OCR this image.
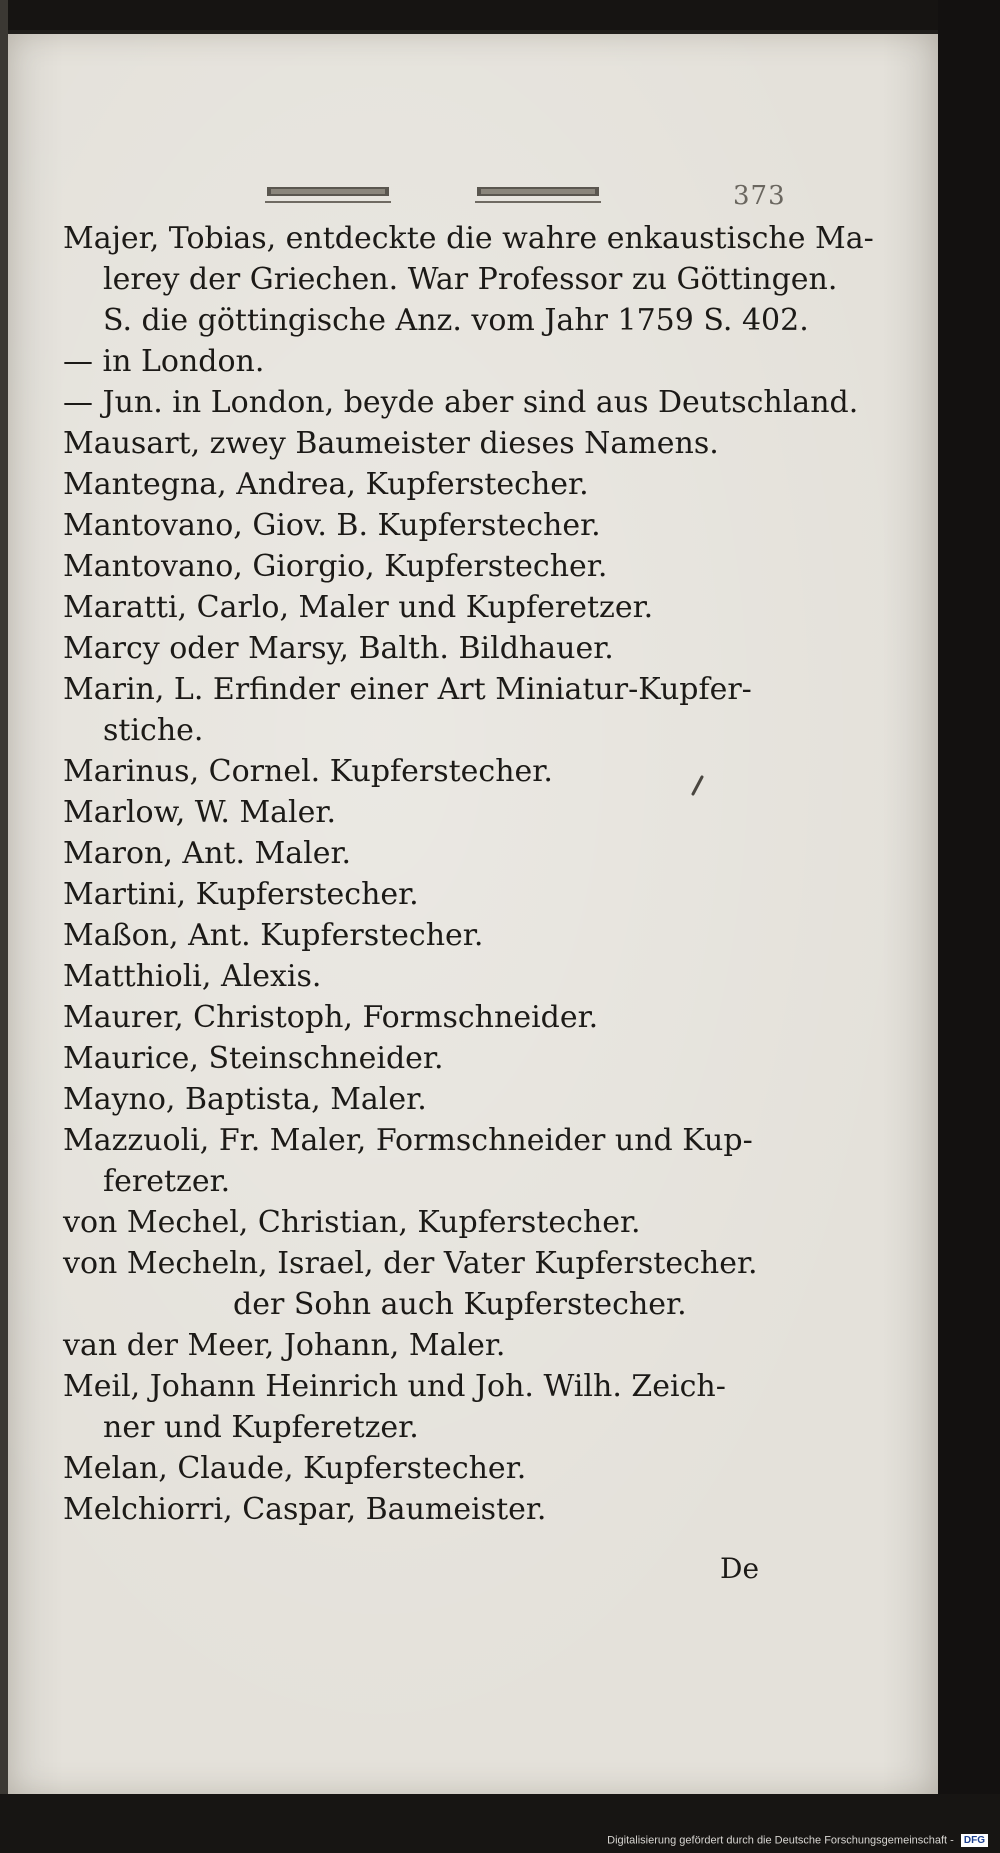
373
Majer, Tobias, entdeckte die wahre enkaustische Ma-
lerey der Griechen. War Professor zu Göttingen.
S. die göttingische Anz. vom Jahr 1759 S. 402.
— in London.
— Jun. in London, beyde aber sind aus Deutschland.
Mausart, zwey Baumeister dieses Namens.
Mantegna, Andrea, Kupferstecher.
Mantovano, Giov. B. Kupferstecher.
Mantovano, Giorgio, Kupferstecher.
Maratti, Carlo, Maler und Kupferetzer.
Marcy oder Marsy, Balth. Bildhauer.
Marin, L. Erfinder einer Art Miniatur-Kupfer-
stiche.
Marinus, Cornel. Kupferstecher.
Marlow, W. Maler.
Maron, Ant. Maler.
Martini, Kupferstecher.
Maßon, Ant. Kupferstecher.
Matthioli, Alexis.
Maurer, Christoph, Formschneider.
Maurice, Steinschneider.
Mayno, Baptista, Maler.
Mazzuoli, Fr. Maler, Formschneider und Kup-
feretzer.
von Mechel, Christian, Kupferstecher.
von Mecheln, Israel, der Vater Kupferstecher.
der Sohn auch Kupferstecher.
van der Meer, Johann, Maler.
Meil, Johann Heinrich und Joh. Wilh. Zeich-
ner und Kupferetzer.
Melan, Claude, Kupferstecher.
Melchiorri, Caspar, Baumeister.
De
Digitalisierung gefördert durch die Deutsche Forschungsgemeinschaft - DFG
